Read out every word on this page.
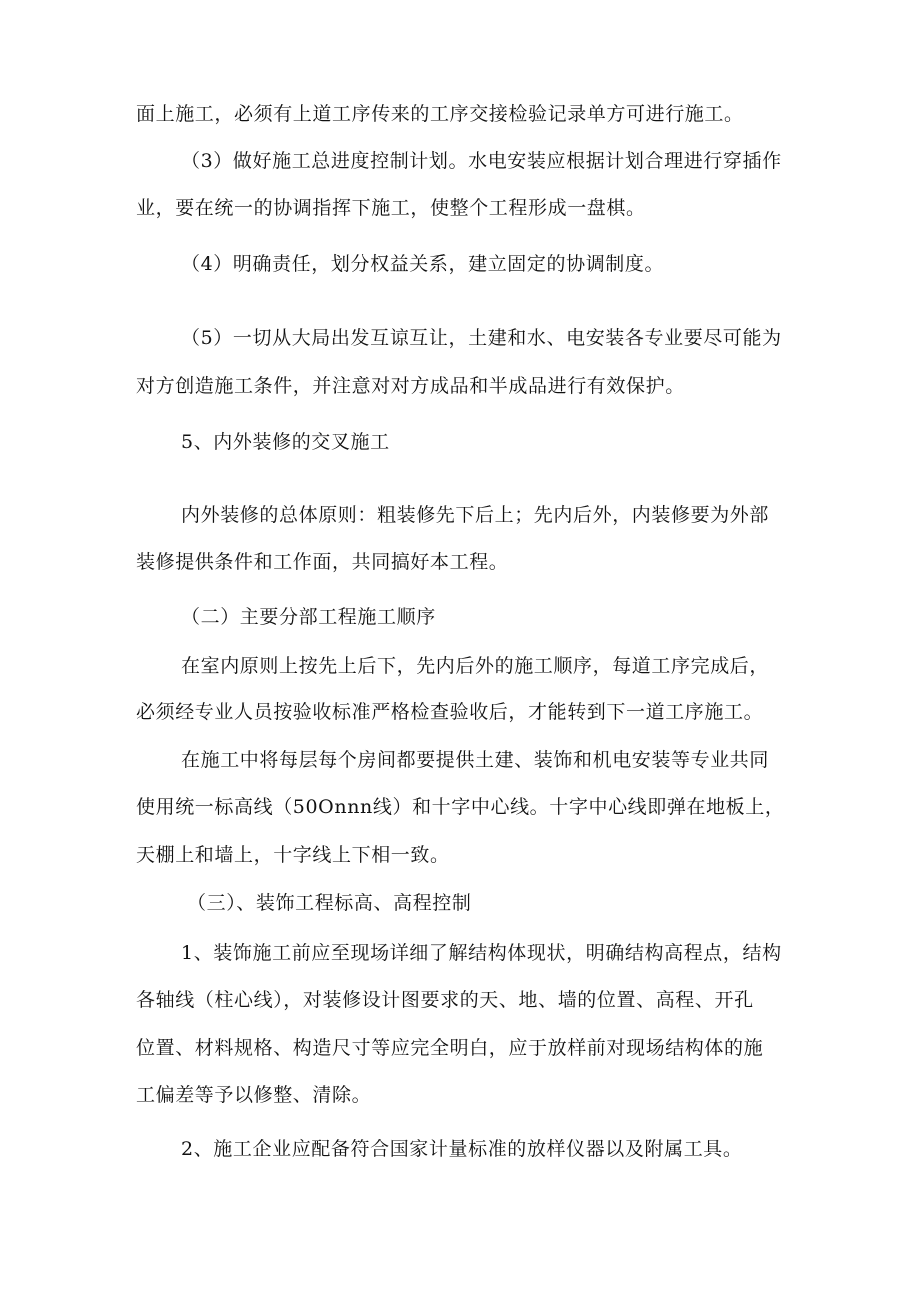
面上施工，必须有上道工序传来的工序交接检验记录单方可进行施工。
（3）做好施工总进度控制计划。水电安装应根据计划合理进行穿插作
业，要在统一的协调指挥下施工，使整个工程形成一盘棋。
（4）明确责任，划分权益关系，建立固定的协调制度。
（5）一切从大局出发互谅互让，土建和水、电安装各专业要尽可能为
对方创造施工条件，并注意对对方成品和半成品进行有效保护。
5、内外装修的交叉施工
内外装修的总体原则：粗装修先下后上；先内后外，内装修要为外部
装修提供条件和工作面，共同搞好本工程。
（二）主要分部工程施工顺序
在室内原则上按先上后下，先内后外的施工顺序，每道工序完成后，
必须经专业人员按验收标准严格检查验收后，才能转到下一道工序施工。
在施工中将每层每个房间都要提供土建、装饰和机电安装等专业共同
使用统一标高线（50Onnn线）和十字中心线。十字中心线即弹在地板上，
天棚上和墙上，十字线上下相一致。
（三）、装饰工程标高、高程控制
1、装饰施工前应至现场详细了解结构体现状，明确结构高程点，结构
各轴线（柱心线），对装修设计图要求的天、地、墙的位置、高程、开孔
位置、材料规格、构造尺寸等应完全明白，应于放样前对现场结构体的施
工偏差等予以修整、清除。
2、施工企业应配备符合国家计量标准的放样仪器以及附属工具。
